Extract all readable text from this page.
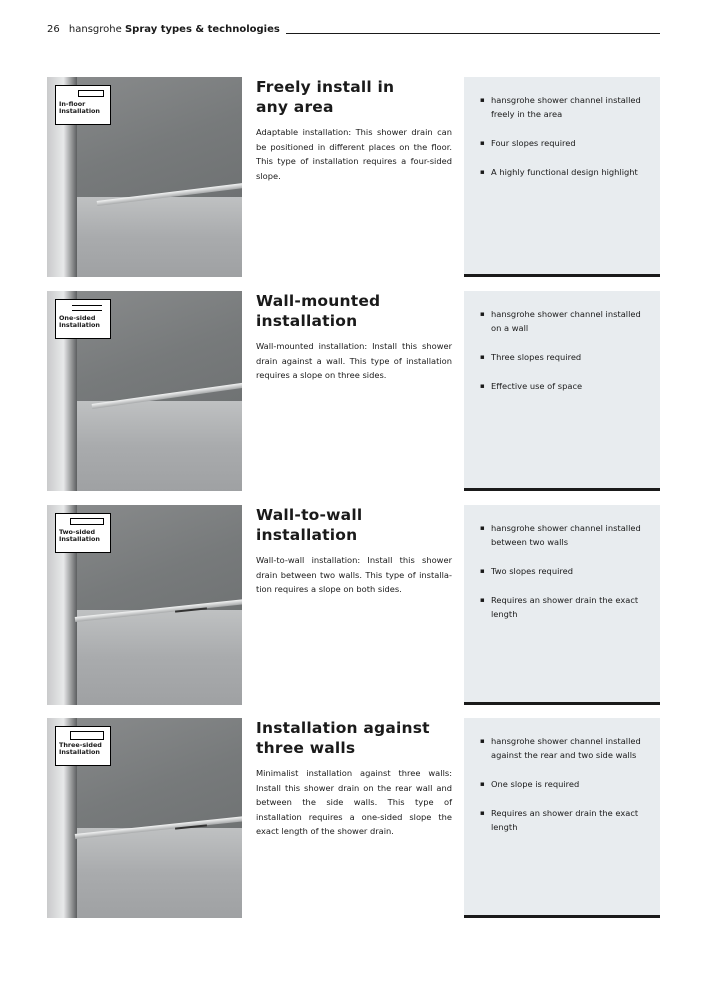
26 hansgrohe Spray types & technologies
In-floor Installation
Freely install in
any area

Adaptable installation: This shower drain can be positioned in different places on the floor. This type of installation requires a four-sided slope.

▪ hansgrohe shower channel installed freely in the area
▪ Four slopes required
▪ A highly functional design highlight
One-sided Installation
Wall-mounted
installation

Wall-mounted installation: Install this shower drain against a wall. This type of installation requires a slope on three sides.

▪ hansgrohe shower channel installed on a wall
▪ Three slopes required
▪ Effective use of space
Two-sided Installation
Wall-to-wall
installation

Wall-to-wall installation: Install this shower drain between two walls. This type of installa-tion requires a slope on both sides.

▪ hansgrohe shower channel installed between two walls
▪ Two slopes required
▪ Requires an shower drain the exact length
Three-sided Installation
Installation against
three walls

Minimalist installation against three walls: Install this shower drain on the rear wall and between the side walls. This type of installation requires a one-sided slope the exact length of the shower drain.

▪ hansgrohe shower channel installed against the rear and two side walls
▪ One slope is required
▪ Requires an shower drain the exact length
